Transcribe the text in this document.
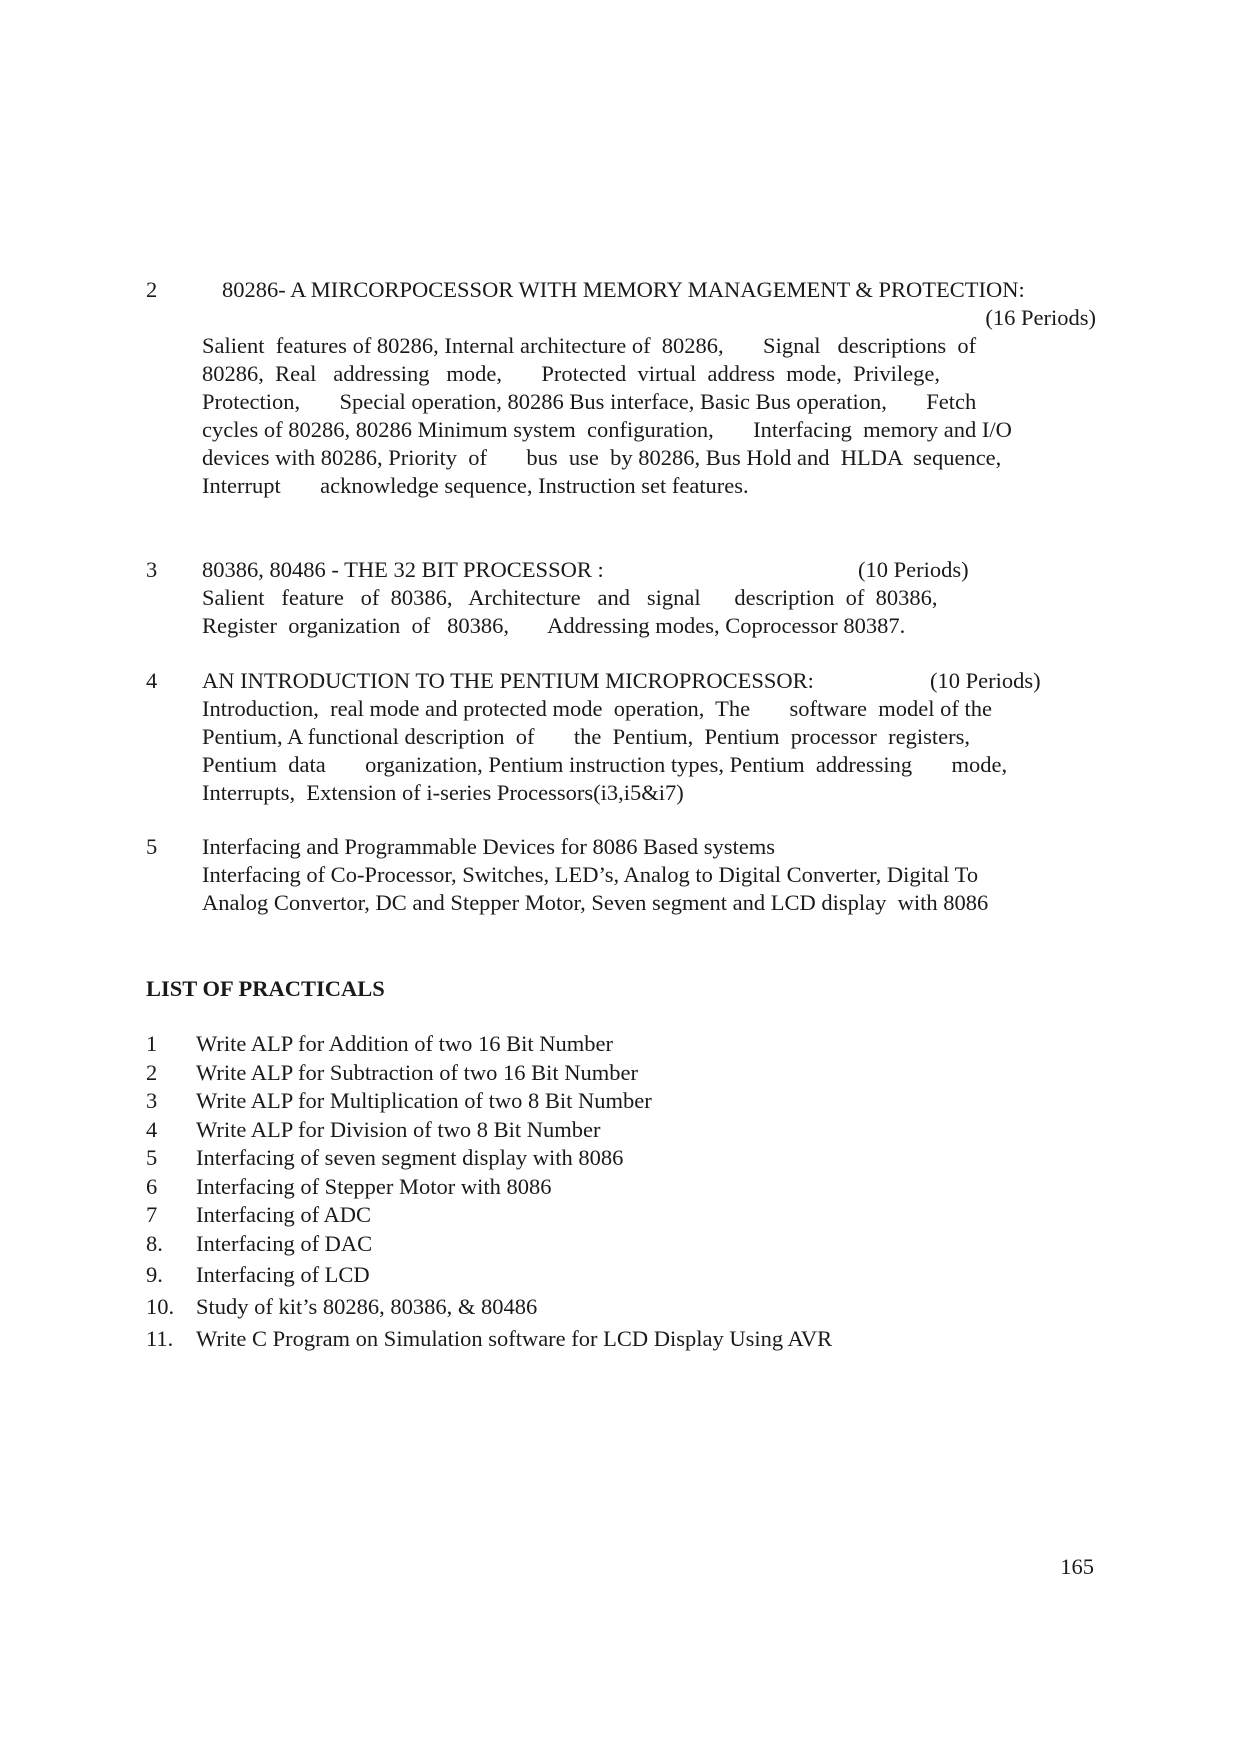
2	80286- A MIRCORPOCESSOR WITH MEMORY MANAGEMENT & PROTECTION:
(16 Periods)
Salient  features of 80286, Internal architecture of  80286,       Signal   descriptions  of
80286,  Real   addressing   mode,       Protected  virtual  address  mode,  Privilege,
Protection,       Special operation, 80286 Bus interface, Basic Bus operation,       Fetch
cycles of 80286, 80286 Minimum system  configuration,       Interfacing  memory and I/O
devices with 80286, Priority  of       bus  use  by 80286, Bus Hold and  HLDA  sequence,
Interrupt       acknowledge sequence, Instruction set features.
3 80386, 80486 - THE 32 BIT PROCESSOR :	(10 Periods)
Salient   feature   of  80386,   Architecture   and   signal      description  of  80386,
Register  organization  of   80386,       Addressing modes, Coprocessor 80387.
4 AN INTRODUCTION TO THE PENTIUM MICROPROCESSOR:	(10 Periods)
Introduction,  real mode and protected mode  operation,  The       software  model of the
Pentium, A functional description  of       the  Pentium,  Pentium  processor  registers,
Pentium  data       organization, Pentium instruction types, Pentium  addressing       mode,
Interrupts,  Extension of i-series Processors(i3,i5&i7)
5 Interfacing and Programmable Devices for 8086 Based systems
Interfacing of Co-Processor, Switches, LED’s, Analog to Digital Converter, Digital To
Analog Convertor, DC and Stepper Motor, Seven segment and LCD display  with 8086
LIST OF PRACTICALS
1 Write ALP for Addition of two 16 Bit Number
2 Write ALP for Subtraction of two 16 Bit Number
3 Write ALP for Multiplication of two 8 Bit Number
4 Write ALP for Division of two 8 Bit Number
5 Interfacing of seven segment display with 8086
6 Interfacing of Stepper Motor with 8086
7 Interfacing of ADC
8. Interfacing of DAC
9. Interfacing of LCD
10. Study of kit’s 80286, 80386, & 80486
11. Write C Program on Simulation software for LCD Display Using AVR
165
